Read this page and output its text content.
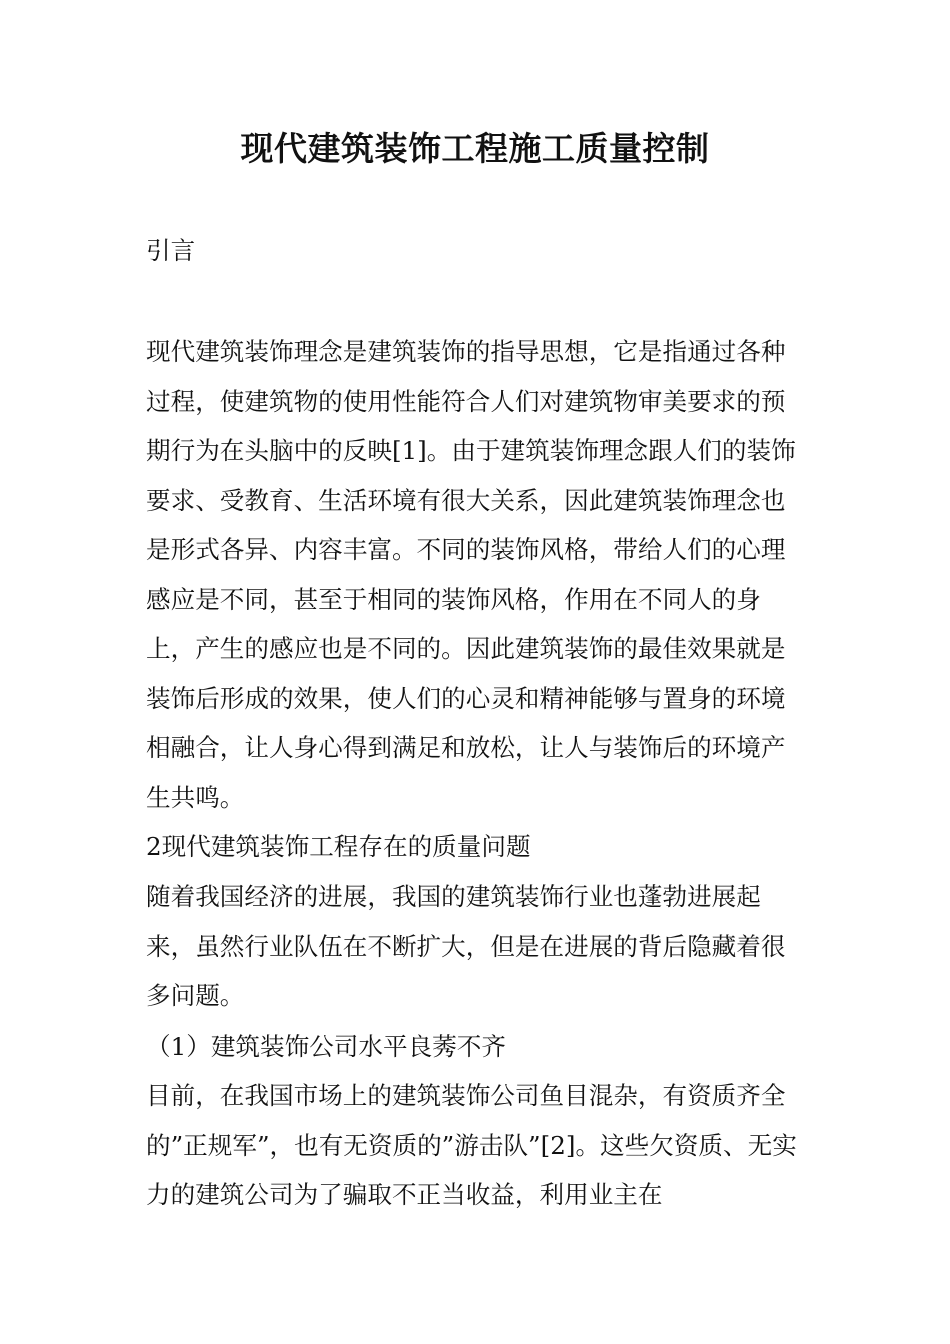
现代建筑装饰工程施工质量控制

引言

现代建筑装饰理念是建筑装饰的指导思想，它是指通过各种过程，使建筑物的使用性能符合人们对建筑物审美要求的预期行为在头脑中的反映[1]。由于建筑装饰理念跟人们的装饰要求、受教育、生活环境有很大关系，因此建筑装饰理念也是形式各异、内容丰富。不同的装饰风格，带给人们的心理感应是不同，甚至于相同的装饰风格，作用在不同人的身上，产生的感应也是不同的。因此建筑装饰的最佳效果就是装饰后形成的效果，使人们的心灵和精神能够与置身的环境相融合，让人身心得到满足和放松，让人与装饰后的环境产生共鸣。

2现代建筑装饰工程存在的质量问题

随着我国经济的进展，我国的建筑装饰行业也蓬勃进展起来，虽然行业队伍在不断扩大，但是在进展的背后隐藏着很多问题。

（1）建筑装饰公司水平良莠不齐

目前，在我国市场上的建筑装饰公司鱼目混杂，有资质齐全的”正规军”，也有无资质的”游击队”[2]。这些欠资质、无实力的建筑公司为了骗取不正当收益，利用业主在
